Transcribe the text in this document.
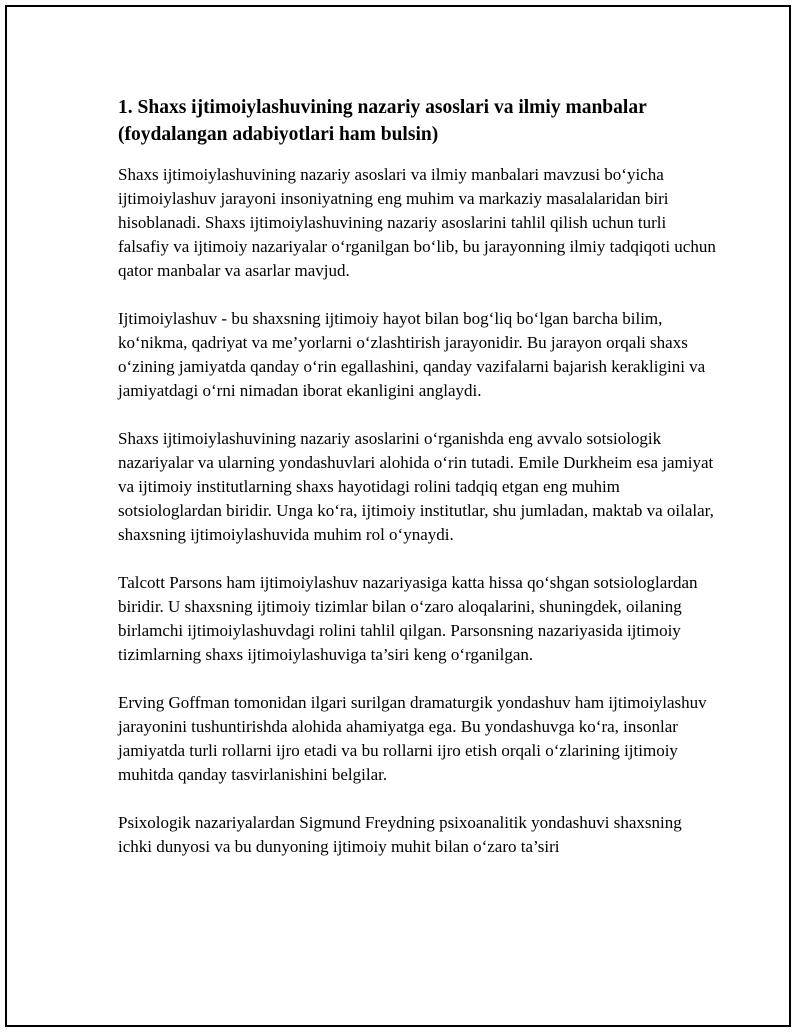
1. Shaxs ijtimoiylashuvining nazariy asoslari va ilmiy manbalar (foydalangan adabiyotlari ham bulsin)

Shaxs ijtimoiylashuvining nazariy asoslari va ilmiy manbalari mavzusi bo‘yicha ijtimoiylashuv jarayoni insoniyatning eng muhim va markaziy masalalaridan biri hisoblanadi. Shaxs ijtimoiylashuvining nazariy asoslarini tahlil qilish uchun turli falsafiy va ijtimoiy nazariyalar o‘rganilgan bo‘lib, bu jarayonning ilmiy tadqiqoti uchun qator manbalar va asarlar mavjud.

Ijtimoiylashuv - bu shaxsning ijtimoiy hayot bilan bog‘liq bo‘lgan barcha bilim, ko‘nikma, qadriyat va me’yorlarni o‘zlashtirish jarayonidir. Bu jarayon orqali shaxs o‘zining jamiyatda qanday o‘rin egallashini, qanday vazifalarni bajarish kerakligini va jamiyatdagi o‘rni nimadan iborat ekanligini anglaydi.

Shaxs ijtimoiylashuvining nazariy asoslarini o‘rganishda eng avvalo sotsiologik nazariyalar va ularning yondashuvlari alohida o‘rin tutadi. Emile Durkheim esa jamiyat va ijtimoiy institutlarning shaxs hayotidagi rolini tadqiq etgan eng muhim sotsiologlardan biridir. Unga ko‘ra, ijtimoiy institutlar, shu jumladan, maktab va oilalar, shaxsning ijtimoiylashuvida muhim rol o‘ynaydi.

Talcott Parsons ham ijtimoiylashuv nazariyasiga katta hissa qo‘shgan sotsiologlardan biridir. U shaxsning ijtimoiy tizimlar bilan o‘zaro aloqalarini, shuningdek, oilaning birlamchi ijtimoiylashuvdagi rolini tahlil qilgan. Parsonsning nazariyasida ijtimoiy tizimlarning shaxs ijtimoiylashuviga ta’siri keng o‘rganilgan.

Erving Goffman tomonidan ilgari surilgan dramaturgik yondashuv ham ijtimoiylashuv jarayonini tushuntirishda alohida ahamiyatga ega. Bu yondashuvga ko‘ra, insonlar jamiyatda turli rollarni ijro etadi va bu rollarni ijro etish orqali o‘zlarining ijtimoiy muhitda qanday tasvirlanishini belgilar.

Psixologik nazariyalardan Sigmund Freydning psixoanalitik yondashuvi shaxsning ichki dunyosi va bu dunyoning ijtimoiy muhit bilan o‘zaro ta’siri
